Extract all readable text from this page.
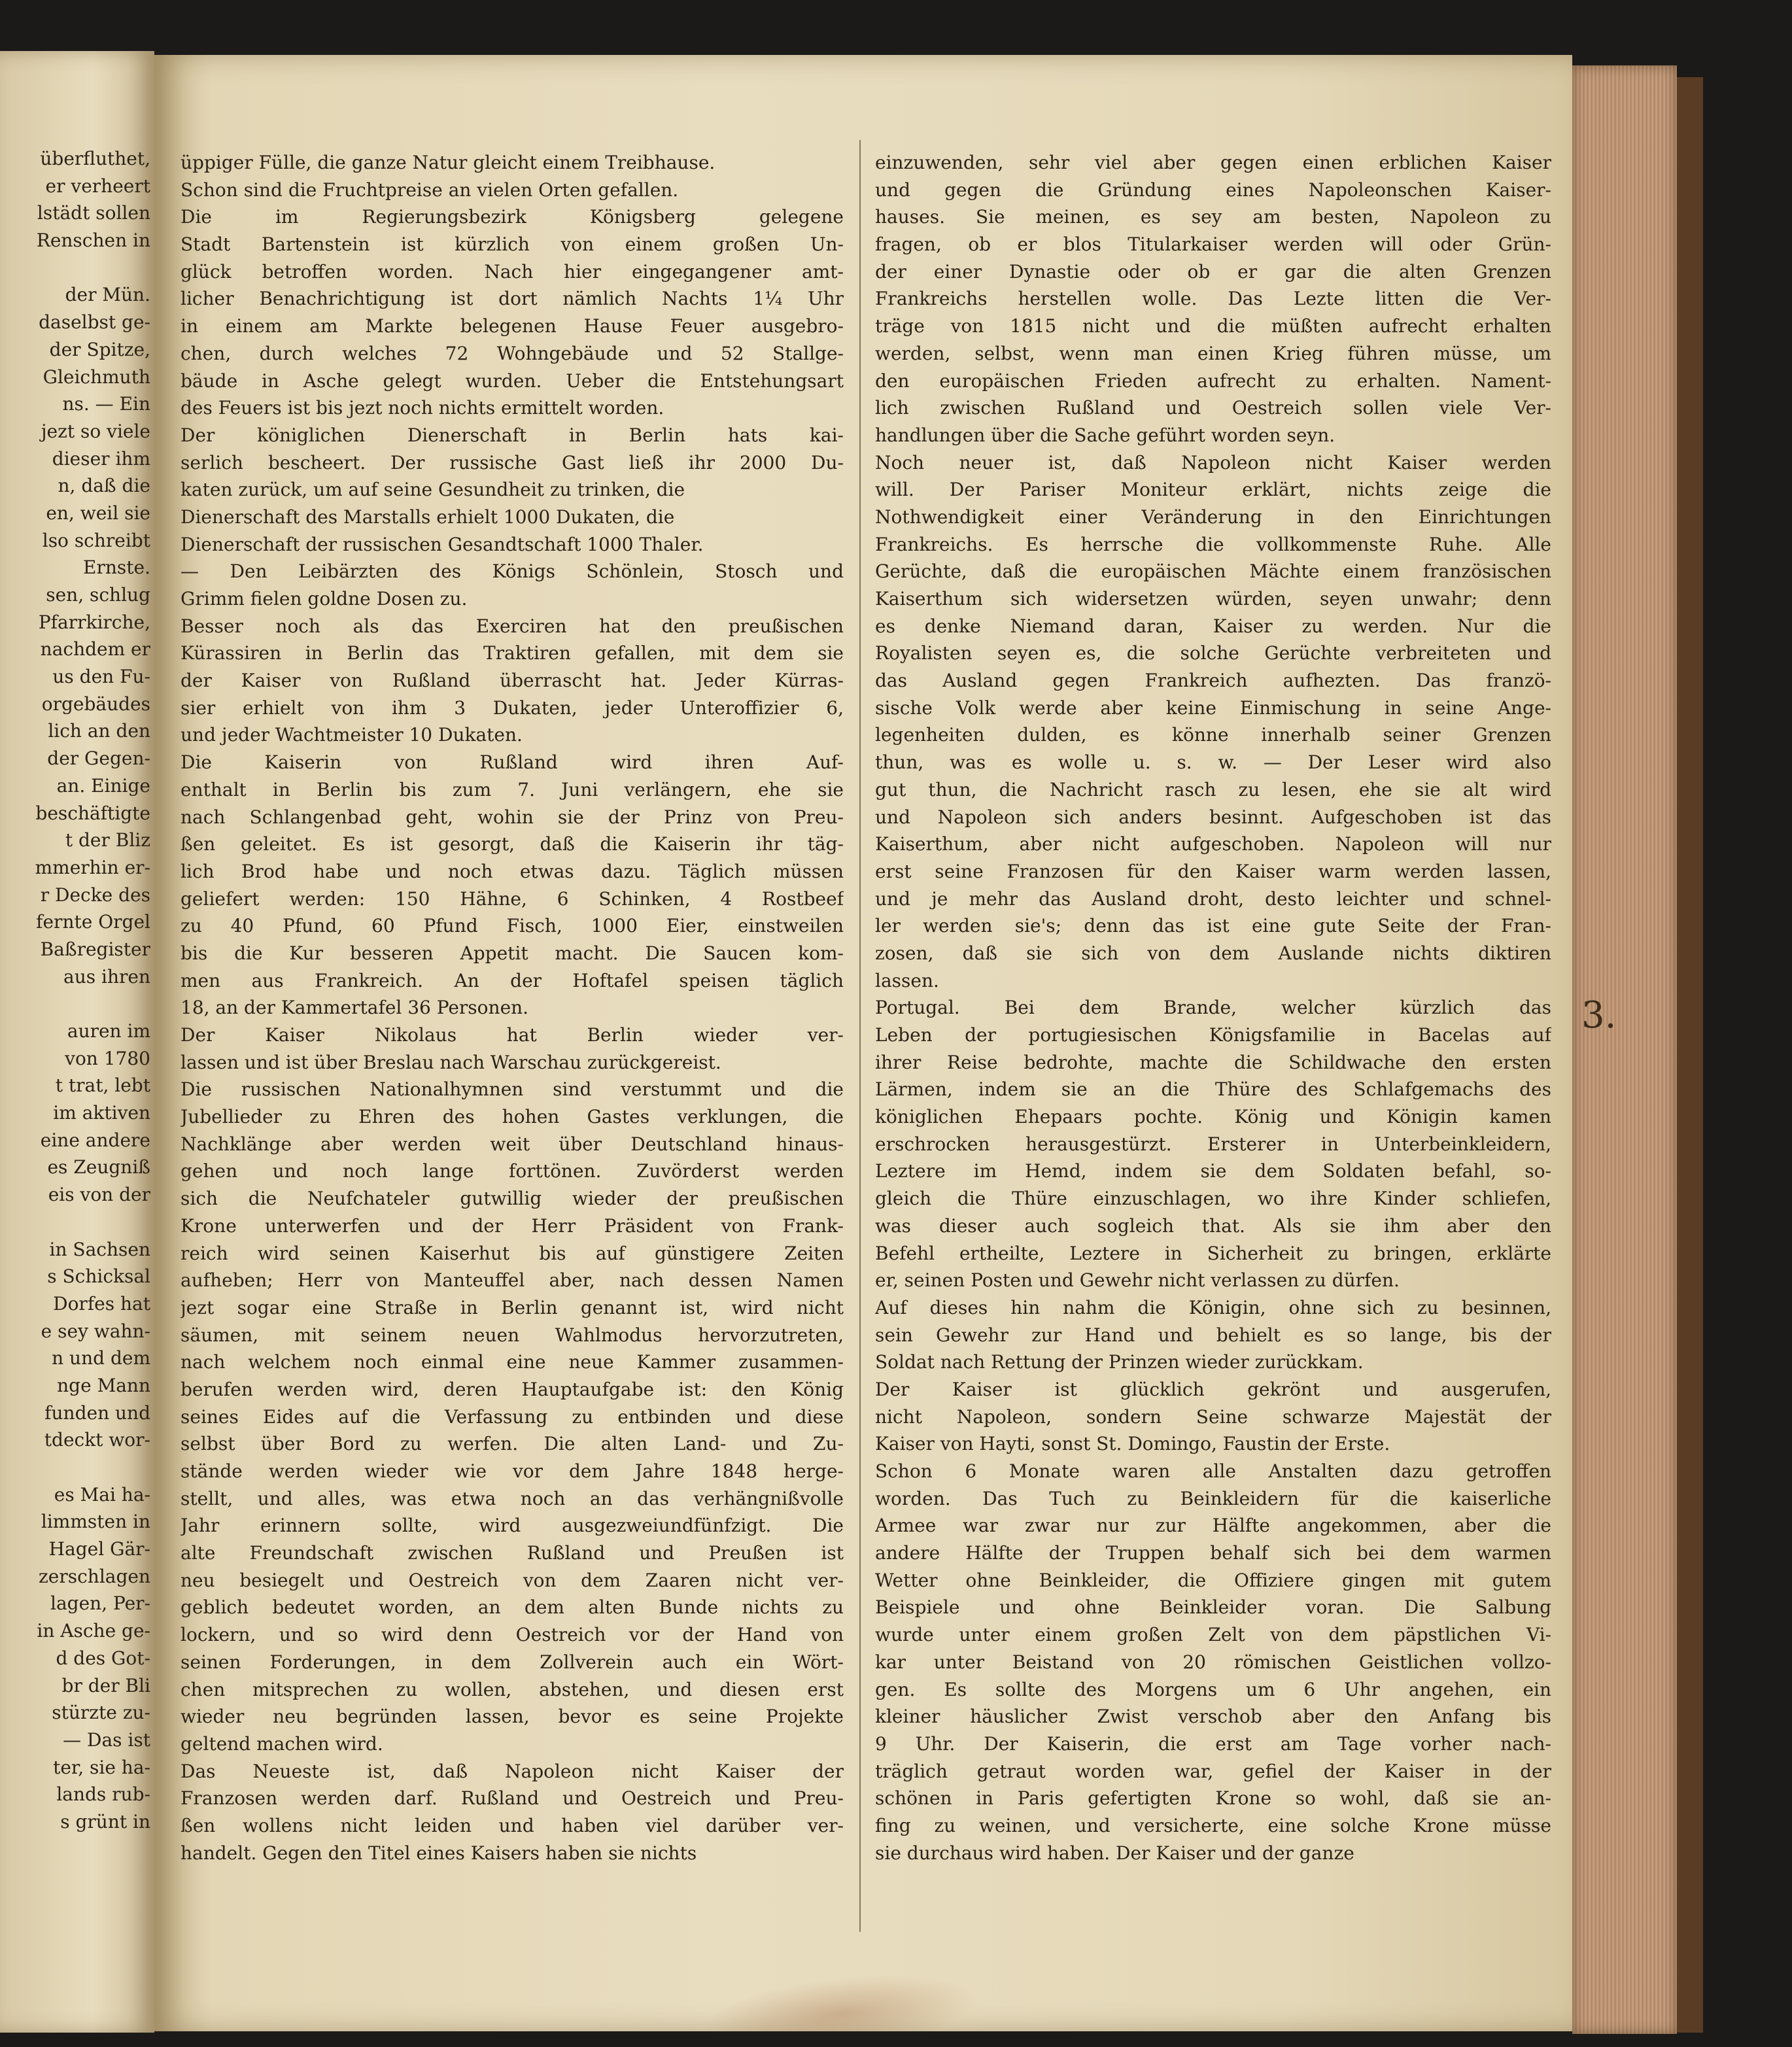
überfluthet,
er verheert
lstädt sollen
Renschen in
der Mün.
daselbst ge-
der Spitze,
Gleichmuth
ns. — Ein
jezt so viele
dieser ihm
n, daß die
en, weil sie
lso schreibt
Ernste.
sen, schlug
Pfarrkirche,
nachdem er
us den Fu-
orgebäudes
lich an den
der Gegen-
an. Einige
beschäftigte
t der Bliz
mmerhin er-
r Decke des
fernte Orgel
Baßregister
aus ihren
auren im
von 1780
t trat, lebt
im aktiven
eine andere
es Zeugniß
eis von der
in Sachsen
s Schicksal
Dorfes hat
e sey wahn-
n und dem
nge Mann
funden und
tdeckt wor-
es Mai ha-
limmsten in
Hagel Gär-
zerschlagen
lagen, Per-
in Asche ge-
d des Got-
br der Bli
stürzte zu-
— Das ist
ter, sie ha-
lands rub-
s grünt in
üppiger Fülle, die ganze Natur gleicht einem Treibhause.
Schon sind die Fruchtpreise an vielen Orten gefallen.
Die im Regierungsbezirk Königsberg gelegene
Stadt Bartenstein ist kürzlich von einem großen Un-
glück betroffen worden. Nach hier eingegangener amt-
licher Benachrichtigung ist dort nämlich Nachts 1¼ Uhr
in einem am Markte belegenen Hause Feuer ausgebro-
chen, durch welches 72 Wohngebäude und 52 Stallge-
bäude in Asche gelegt wurden. Ueber die Entstehungsart
des Feuers ist bis jezt noch nichts ermittelt worden.
Der königlichen Dienerschaft in Berlin hats kai-
serlich bescheert. Der russische Gast ließ ihr 2000 Du-
katen zurück, um auf seine Gesundheit zu trinken, die
Dienerschaft des Marstalls erhielt 1000 Dukaten, die
Dienerschaft der russischen Gesandtschaft 1000 Thaler.
— Den Leibärzten des Königs Schönlein, Stosch und
Grimm fielen goldne Dosen zu.
Besser noch als das Exerciren hat den preußischen
Kürassiren in Berlin das Traktiren gefallen, mit dem sie
der Kaiser von Rußland überrascht hat. Jeder Kürras-
sier erhielt von ihm 3 Dukaten, jeder Unteroffizier 6,
und jeder Wachtmeister 10 Dukaten.
Die Kaiserin von Rußland wird ihren Auf-
enthalt in Berlin bis zum 7. Juni verlängern, ehe sie
nach Schlangenbad geht, wohin sie der Prinz von Preu-
ßen geleitet. Es ist gesorgt, daß die Kaiserin ihr täg-
lich Brod habe und noch etwas dazu. Täglich müssen
geliefert werden: 150 Hähne, 6 Schinken, 4 Rostbeef
zu 40 Pfund, 60 Pfund Fisch, 1000 Eier, einstweilen
bis die Kur besseren Appetit macht. Die Saucen kom-
men aus Frankreich. An der Hoftafel speisen täglich
18, an der Kammertafel 36 Personen.
Der Kaiser Nikolaus hat Berlin wieder ver-
lassen und ist über Breslau nach Warschau zurückgereist.
Die russischen Nationalhymnen sind verstummt und die
Jubellieder zu Ehren des hohen Gastes verklungen, die
Nachklänge aber werden weit über Deutschland hinaus-
gehen und noch lange forttönen. Zuvörderst werden
sich die Neufchateler gutwillig wieder der preußischen
Krone unterwerfen und der Herr Präsident von Frank-
reich wird seinen Kaiserhut bis auf günstigere Zeiten
aufheben; Herr von Manteuffel aber, nach dessen Namen
jezt sogar eine Straße in Berlin genannt ist, wird nicht
säumen, mit seinem neuen Wahlmodus hervorzutreten,
nach welchem noch einmal eine neue Kammer zusammen-
berufen werden wird, deren Hauptaufgabe ist: den König
seines Eides auf die Verfassung zu entbinden und diese
selbst über Bord zu werfen. Die alten Land- und Zu-
stände werden wieder wie vor dem Jahre 1848 herge-
stellt, und alles, was etwa noch an das verhängnißvolle
Jahr erinnern sollte, wird ausgezweiundfünfzigt. Die
alte Freundschaft zwischen Rußland und Preußen ist
neu besiegelt und Oestreich von dem Zaaren nicht ver-
geblich bedeutet worden, an dem alten Bunde nichts zu
lockern, und so wird denn Oestreich vor der Hand von
seinen Forderungen, in dem Zollverein auch ein Wört-
chen mitsprechen zu wollen, abstehen, und diesen erst
wieder neu begründen lassen, bevor es seine Projekte
geltend machen wird.
Das Neueste ist, daß Napoleon nicht Kaiser der
Franzosen werden darf. Rußland und Oestreich und Preu-
ßen wollens nicht leiden und haben viel darüber ver-
handelt. Gegen den Titel eines Kaisers haben sie nichts
einzuwenden, sehr viel aber gegen einen erblichen Kaiser
und gegen die Gründung eines Napoleonschen Kaiser-
hauses. Sie meinen, es sey am besten, Napoleon zu
fragen, ob er blos Titularkaiser werden will oder Grün-
der einer Dynastie oder ob er gar die alten Grenzen
Frankreichs herstellen wolle. Das Lezte litten die Ver-
träge von 1815 nicht und die müßten aufrecht erhalten
werden, selbst, wenn man einen Krieg führen müsse, um
den europäischen Frieden aufrecht zu erhalten. Nament-
lich zwischen Rußland und Oestreich sollen viele Ver-
handlungen über die Sache geführt worden seyn.
Noch neuer ist, daß Napoleon nicht Kaiser werden
will. Der Pariser Moniteur erklärt, nichts zeige die
Nothwendigkeit einer Veränderung in den Einrichtungen
Frankreichs. Es herrsche die vollkommenste Ruhe. Alle
Gerüchte, daß die europäischen Mächte einem französischen
Kaiserthum sich widersetzen würden, seyen unwahr; denn
es denke Niemand daran, Kaiser zu werden. Nur die
Royalisten seyen es, die solche Gerüchte verbreiteten und
das Ausland gegen Frankreich aufhezten. Das franzö-
sische Volk werde aber keine Einmischung in seine Ange-
legenheiten dulden, es könne innerhalb seiner Grenzen
thun, was es wolle u. s. w. — Der Leser wird also
gut thun, die Nachricht rasch zu lesen, ehe sie alt wird
und Napoleon sich anders besinnt. Aufgeschoben ist das
Kaiserthum, aber nicht aufgeschoben. Napoleon will nur
erst seine Franzosen für den Kaiser warm werden lassen,
und je mehr das Ausland droht, desto leichter und schnel-
ler werden sie's; denn das ist eine gute Seite der Fran-
zosen, daß sie sich von dem Auslande nichts diktiren
lassen.
Portugal. Bei dem Brande, welcher kürzlich das
Leben der portugiesischen Königsfamilie in Bacelas auf
ihrer Reise bedrohte, machte die Schildwache den ersten
Lärmen, indem sie an die Thüre des Schlafgemachs des
königlichen Ehepaars pochte. König und Königin kamen
erschrocken herausgestürzt. Ersterer in Unterbeinkleidern,
Leztere im Hemd, indem sie dem Soldaten befahl, so-
gleich die Thüre einzuschlagen, wo ihre Kinder schliefen,
was dieser auch sogleich that. Als sie ihm aber den
Befehl ertheilte, Leztere in Sicherheit zu bringen, erklärte
er, seinen Posten und Gewehr nicht verlassen zu dürfen.
Auf dieses hin nahm die Königin, ohne sich zu besinnen,
sein Gewehr zur Hand und behielt es so lange, bis der
Soldat nach Rettung der Prinzen wieder zurückkam.
Der Kaiser ist glücklich gekrönt und ausgerufen,
nicht Napoleon, sondern Seine schwarze Majestät der
Kaiser von Hayti, sonst St. Domingo, Faustin der Erste.
Schon 6 Monate waren alle Anstalten dazu getroffen
worden. Das Tuch zu Beinkleidern für die kaiserliche
Armee war zwar nur zur Hälfte angekommen, aber die
andere Hälfte der Truppen behalf sich bei dem warmen
Wetter ohne Beinkleider, die Offiziere gingen mit gutem
Beispiele und ohne Beinkleider voran. Die Salbung
wurde unter einem großen Zelt von dem päpstlichen Vi-
kar unter Beistand von 20 römischen Geistlichen vollzo-
gen. Es sollte des Morgens um 6 Uhr angehen, ein
kleiner häuslicher Zwist verschob aber den Anfang bis
9 Uhr. Der Kaiserin, die erst am Tage vorher nach-
träglich getraut worden war, gefiel der Kaiser in der
schönen in Paris gefertigten Krone so wohl, daß sie an-
fing zu weinen, und versicherte, eine solche Krone müsse
sie durchaus wird haben. Der Kaiser und der ganze
3.
